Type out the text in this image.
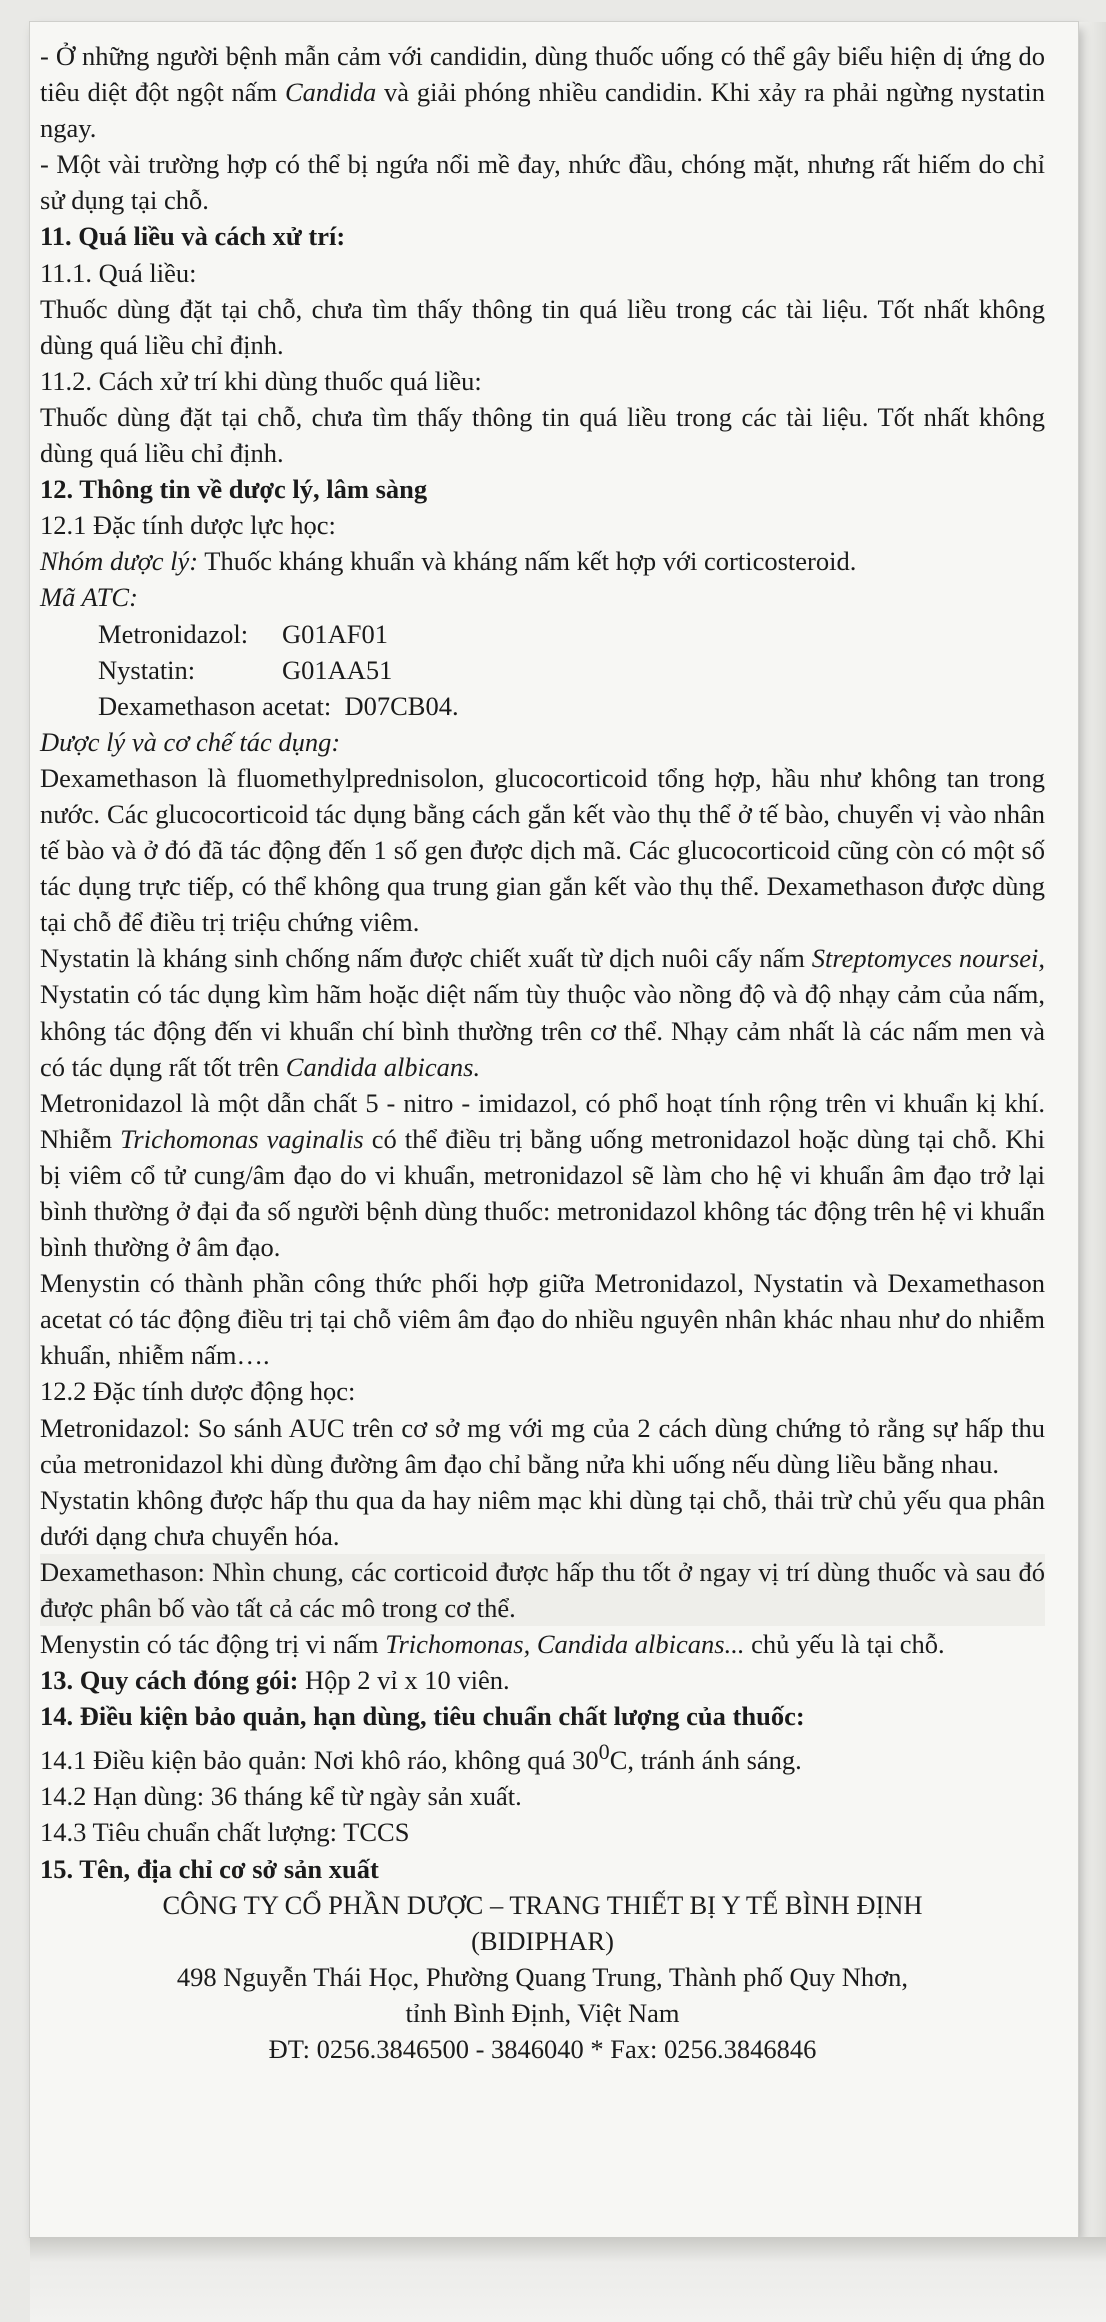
- Ở những người bệnh mẫn cảm với candidin, dùng thuốc uống có thể gây biểu hiện dị ứng do tiêu diệt đột ngột nấm Candida và giải phóng nhiều candidin. Khi xảy ra phải ngừng nystatin ngay.

- Một vài trường hợp có thể bị ngứa nổi mề đay, nhức đầu, chóng mặt, nhưng rất hiếm do chỉ sử dụng tại chỗ.

11. Quá liều và cách xử trí:

11.1. Quá liều:

Thuốc dùng đặt tại chỗ, chưa tìm thấy thông tin quá liều trong các tài liệu. Tốt nhất không dùng quá liều chỉ định.

11.2. Cách xử trí khi dùng thuốc quá liều:

Thuốc dùng đặt tại chỗ, chưa tìm thấy thông tin quá liều trong các tài liệu. Tốt nhất không dùng quá liều chỉ định.

12. Thông tin về dược lý, lâm sàng

12.1 Đặc tính dược lực học:

Nhóm dược lý: Thuốc kháng khuẩn và kháng nấm kết hợp với corticosteroid.

Mã ATC:

Metronidazol: G01AF01

Nystatin:	G01AA51

Dexamethason acetat: D07CB04.

Dược lý và cơ chế tác dụng:

Dexamethason là fluomethylprednisolon, glucocorticoid tổng hợp, hầu như không tan trong nước. Các glucocorticoid tác dụng bằng cách gắn kết vào thụ thể ở tế bào, chuyển vị vào nhân tế bào và ở đó đã tác động đến 1 số gen được dịch mã. Các glucocorticoid cũng còn có một số tác dụng trực tiếp, có thể không qua trung gian gắn kết vào thụ thể. Dexamethason được dùng tại chỗ để điều trị triệu chứng viêm.

Nystatin là kháng sinh chống nấm được chiết xuất từ dịch nuôi cấy nấm Streptomyces noursei, Nystatin có tác dụng kìm hãm hoặc diệt nấm tùy thuộc vào nồng độ và độ nhạy cảm của nấm, không tác động đến vi khuẩn chí bình thường trên cơ thể. Nhạy cảm nhất là các nấm men và có tác dụng rất tốt trên Candida albicans.

Metronidazol là một dẫn chất 5 - nitro - imidazol, có phổ hoạt tính rộng trên vi khuẩn kị khí. Nhiễm Trichomonas vaginalis có thể điều trị bằng uống metronidazol hoặc dùng tại chỗ. Khi bị viêm cổ tử cung/âm đạo do vi khuẩn, metronidazol sẽ làm cho hệ vi khuẩn âm đạo trở lại bình thường ở đại đa số người bệnh dùng thuốc: metronidazol không tác động trên hệ vi khuẩn bình thường ở âm đạo.

Menystin có thành phần công thức phối hợp giữa Metronidazol, Nystatin và Dexamethason acetat có tác động điều trị tại chỗ viêm âm đạo do nhiều nguyên nhân khác nhau như do nhiễm khuẩn, nhiễm nấm….

12.2 Đặc tính dược động học:

Metronidazol: So sánh AUC trên cơ sở mg với mg của 2 cách dùng chứng tỏ rằng sự hấp thu của metronidazol khi dùng đường âm đạo chỉ bằng nửa khi uống nếu dùng liều bằng nhau.

Nystatin không được hấp thu qua da hay niêm mạc khi dùng tại chỗ, thải trừ chủ yếu qua phân dưới dạng chưa chuyển hóa.

Dexamethason: Nhìn chung, các corticoid được hấp thu tốt ở ngay vị trí dùng thuốc và sau đó được phân bố vào tất cả các mô trong cơ thể.

Menystin có tác động trị vi nấm Trichomonas, Candida albicans... chủ yếu là tại chỗ.

13. Quy cách đóng gói: Hộp 2 vỉ x 10 viên.

14. Điều kiện bảo quản, hạn dùng, tiêu chuẩn chất lượng của thuốc:

14.1 Điều kiện bảo quản: Nơi khô ráo, không quá $30^0C$, tránh ánh sáng.

14.2 Hạn dùng: 36 tháng kể từ ngày sản xuất.

14.3 Tiêu chuẩn chất lượng: TCCS

15. Tên, địa chỉ cơ sở sản xuất

CÔNG TY CỔ PHẦN DƯỢC – TRANG THIẾT BỊ Y TẾ BÌNH ĐỊNH

(BIDIPHAR)

498 Nguyễn Thái Học, Phường Quang Trung, Thành phố Quy Nhơn,

tỉnh Bình Định, Việt Nam

ĐT: 0256.3846500 - 3846040 * Fax: 0256.3846846
